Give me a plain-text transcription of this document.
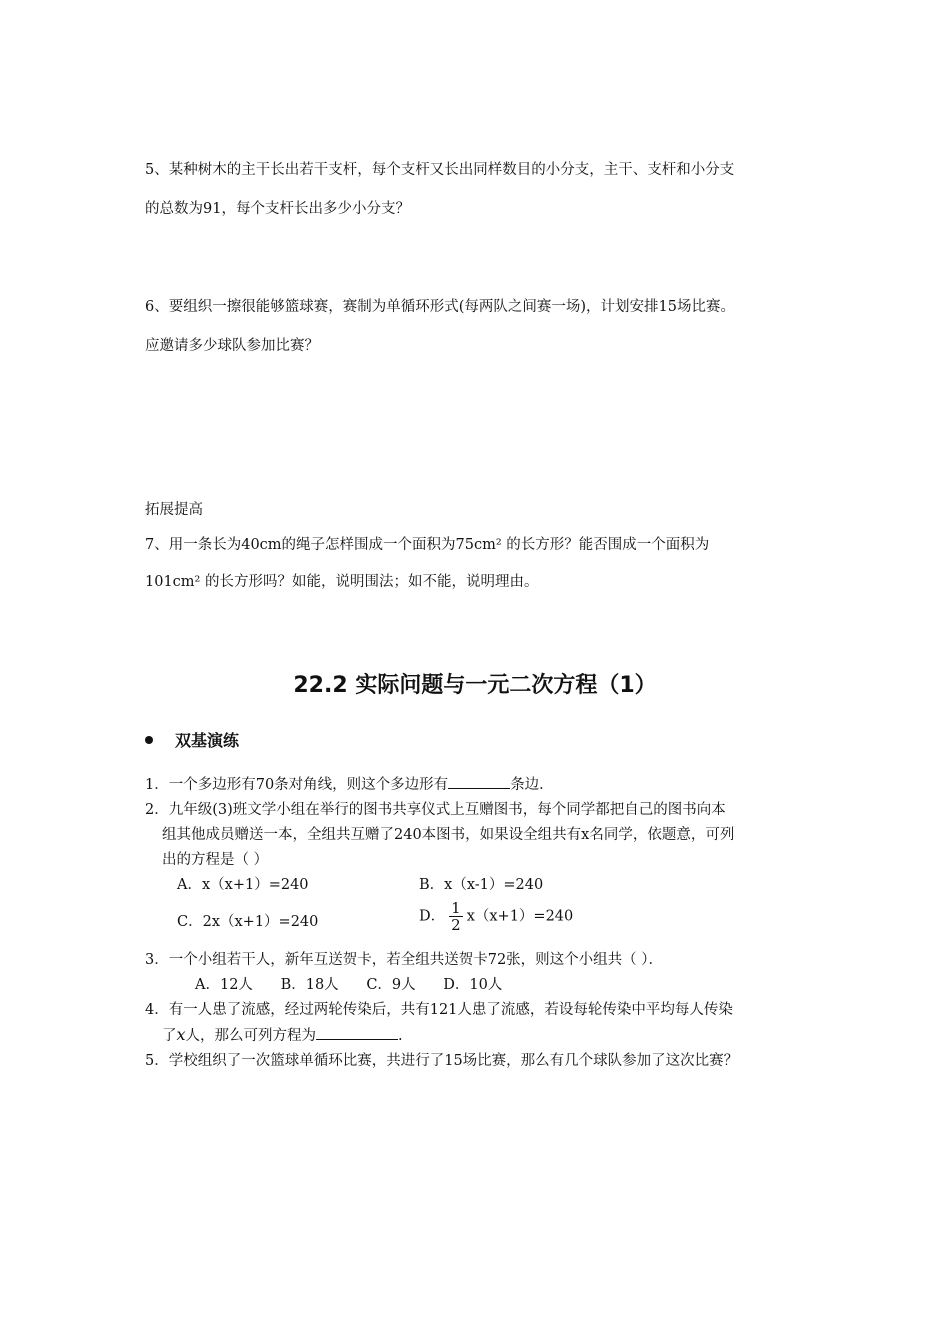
5、某种树木的主干长出若干支杆，每个支杆又长出同样数目的小分支，主干、支杆和小分支
的总数为91，每个支杆长出多少小分支？
6、要组织一擦很能够篮球赛，赛制为单循环形式(每两队之间赛一场)，计划安排15场比赛。
应邀请多少球队参加比赛？
拓展提高
7、用一条长为40cm的绳子怎样围成一个面积为75cm² 的长方形？能否围成一个面积为
101cm² 的长方形吗？如能，说明围法；如不能，说明理由。
22.2 实际问题与一元二次方程（1）
双基演练
1．一个多边形有70条对角线，则这个多边形有	条边．
2．九年级(3)班文学小组在举行的图书共享仪式上互赠图书，每个同学都把自己的图书向本
组其他成员赠送一本，全组共互赠了240本图书，如果设全组共有x名同学，依题意，可列
出的方程是（ ）
A．x（x+1）=240	B．x（x-1）=240
C．2x（x+1）=240	D． $\frac{1}{2} x(x+1)=240$
3．一个小组若干人，新年互送贺卡，若全组共送贺卡72张，则这个小组共（ ）．
A．12人      B．18人      C．9人      D．10人
4．有一人患了流感，经过两轮传染后，共有121人患了流感，若设每轮传染中平均每人传染
了x人，那么可列方程为	.
5．学校组织了一次篮球单循环比赛，共进行了15场比赛，那么有几个球队参加了这次比赛？
